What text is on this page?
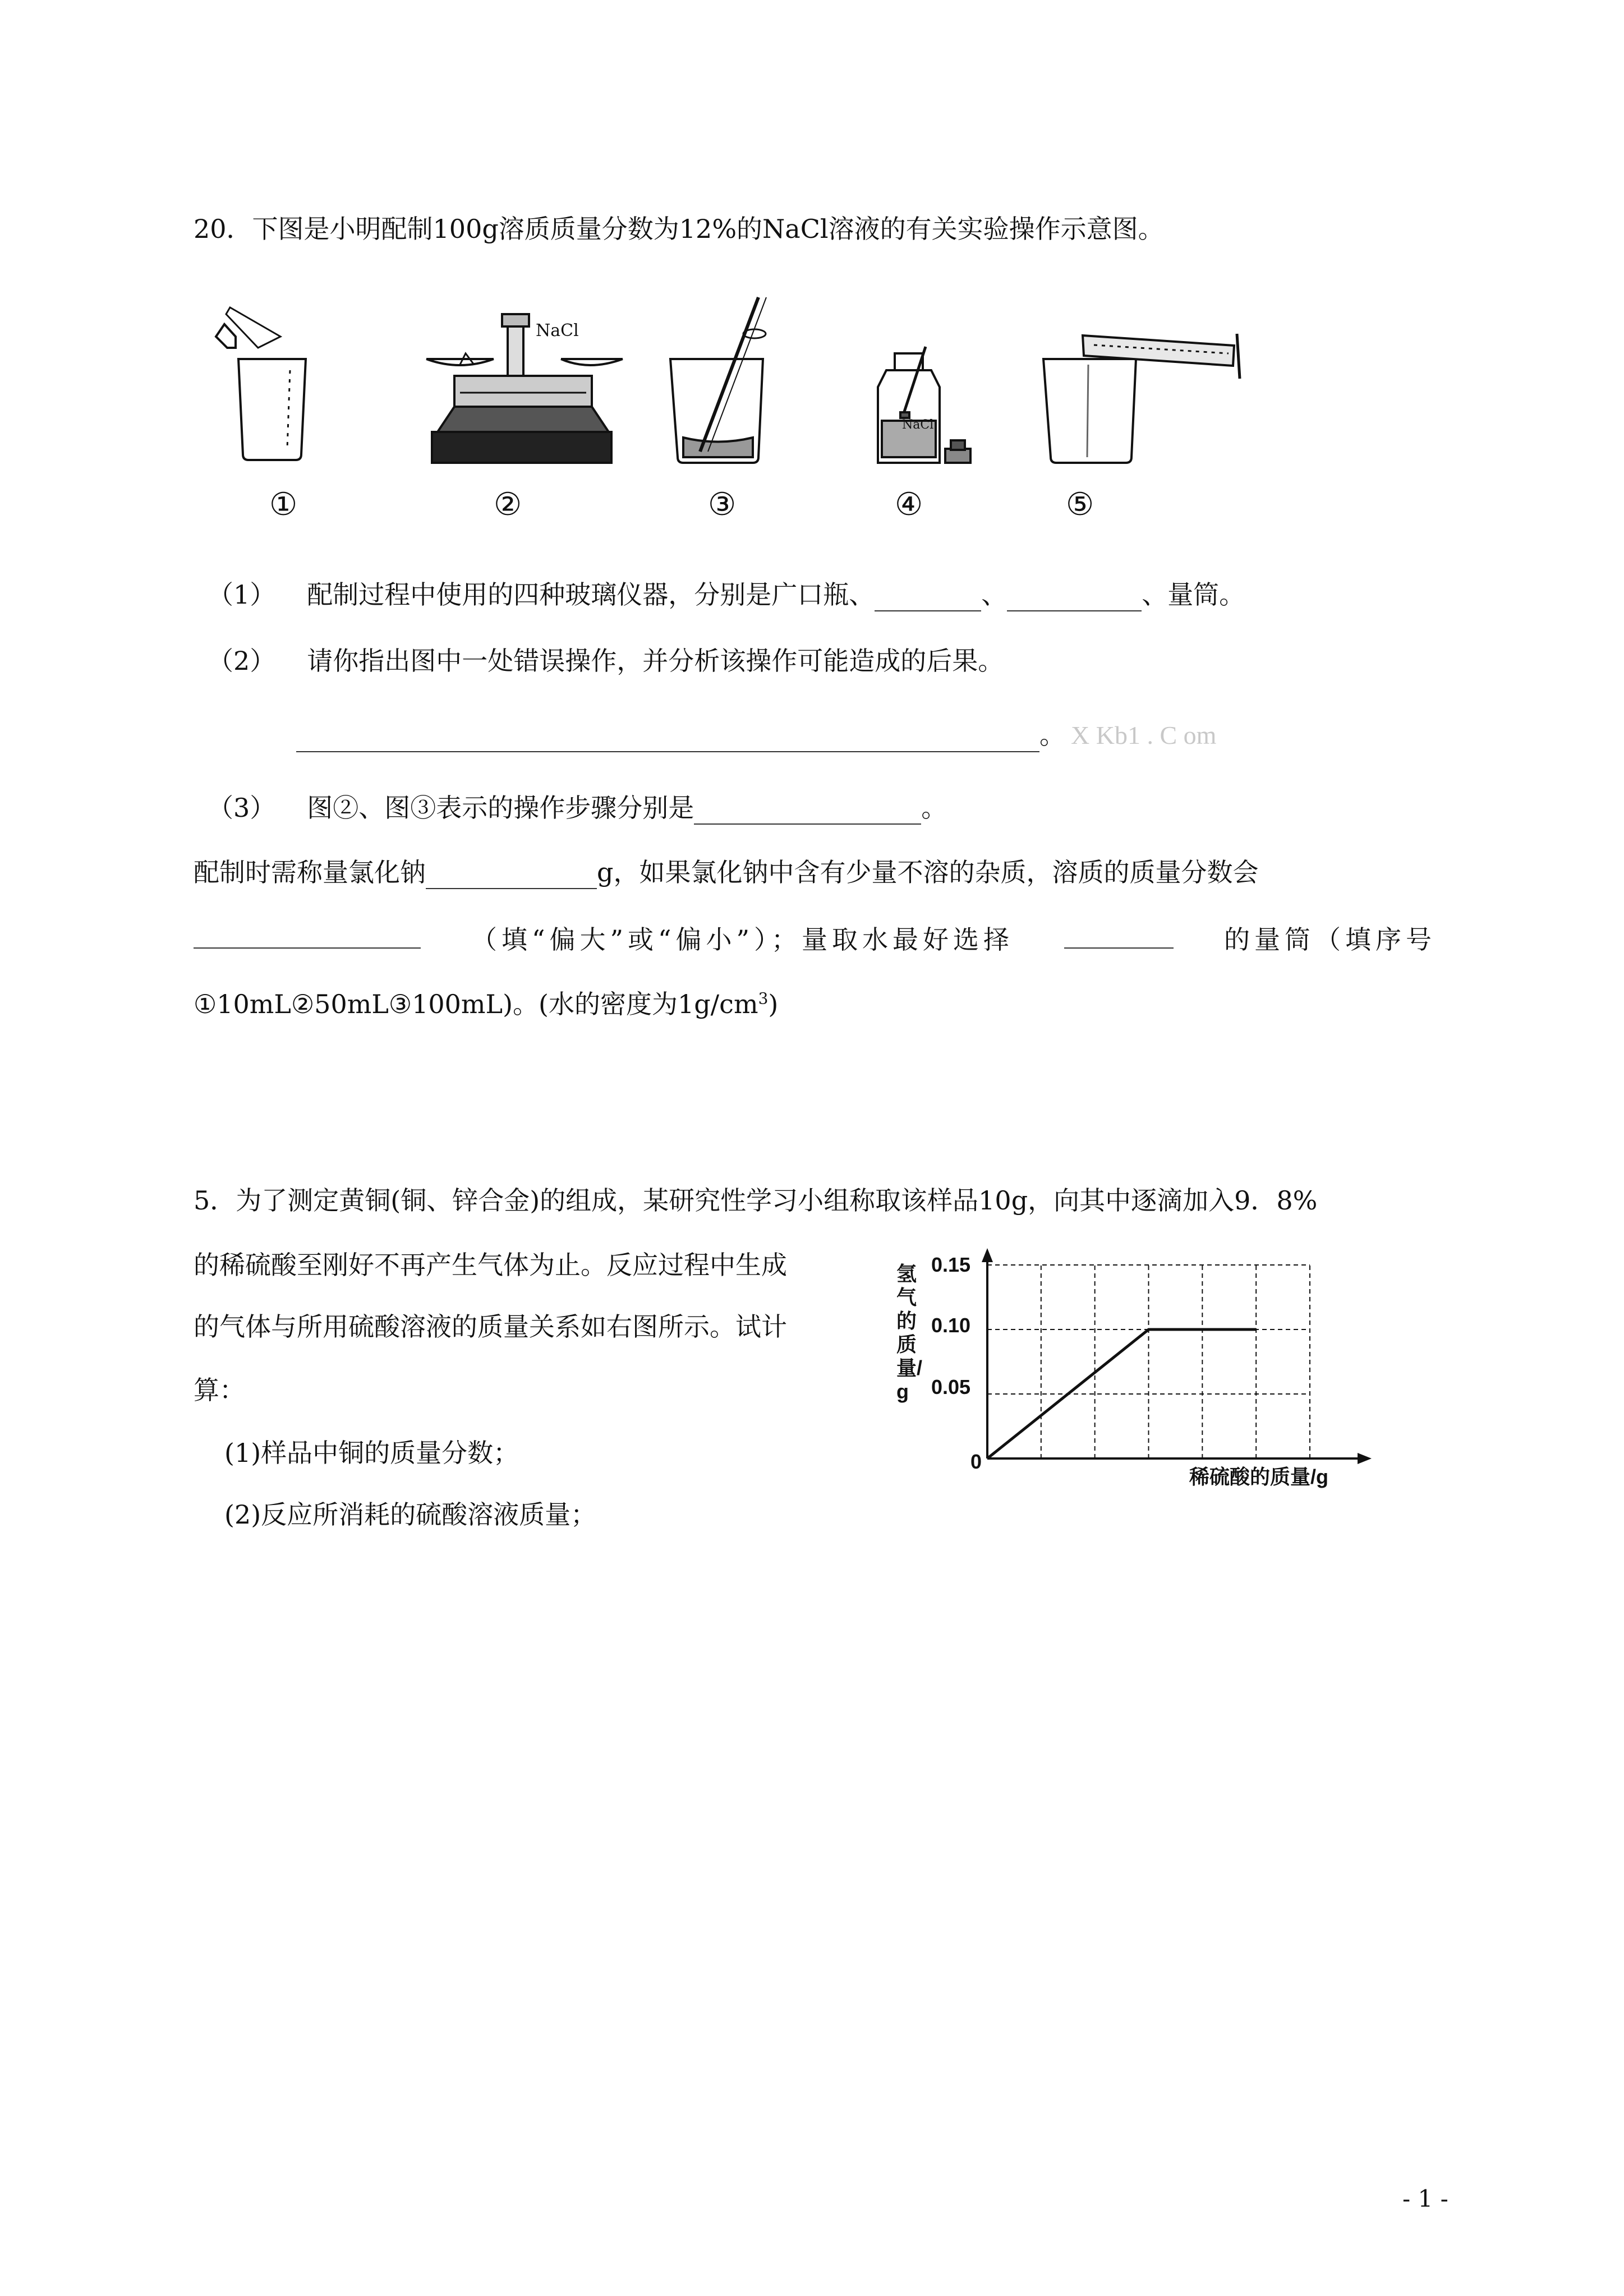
20．下图是小明配制100g溶质质量分数为12%的NaCl溶液的有关实验操作示意图。
NaCl
NaCl
①	②	③	④	⑤
（1） 配制过程中使用的四种玻璃仪器，分别是广口瓶、	、	、量筒。
（2） 请你指出图中一处错误操作，并分析该操作可能造成的后果。
。 X Kb1 . C om
（3） 图②、图③表示的操作步骤分别是	。
配制时需称量氯化钠	g，如果氯化钠中含有少量不溶的杂质，溶质的质量分数会
（填“偏大”或“偏小”）；量取水最好选择	的量筒（填序号
①10mL②50mL③100mL)。(水的密度为$1g/cm^3$)
5．为了测定黄铜(铜、锌合金)的组成，某研究性学习小组称取该样品10g，向其中逐滴加入9．8%
的稀硫酸至刚好不再产生气体为止。反应过程中生成
的气体与所用硫酸溶液的质量关系如右图所示。试计
算：
(1)样品中铜的质量分数；
(2)反应所消耗的硫酸溶液质量；
氢气的质量/g
0.15
0.10
0.05
0
稀硫酸的质量/g
- 1 -
